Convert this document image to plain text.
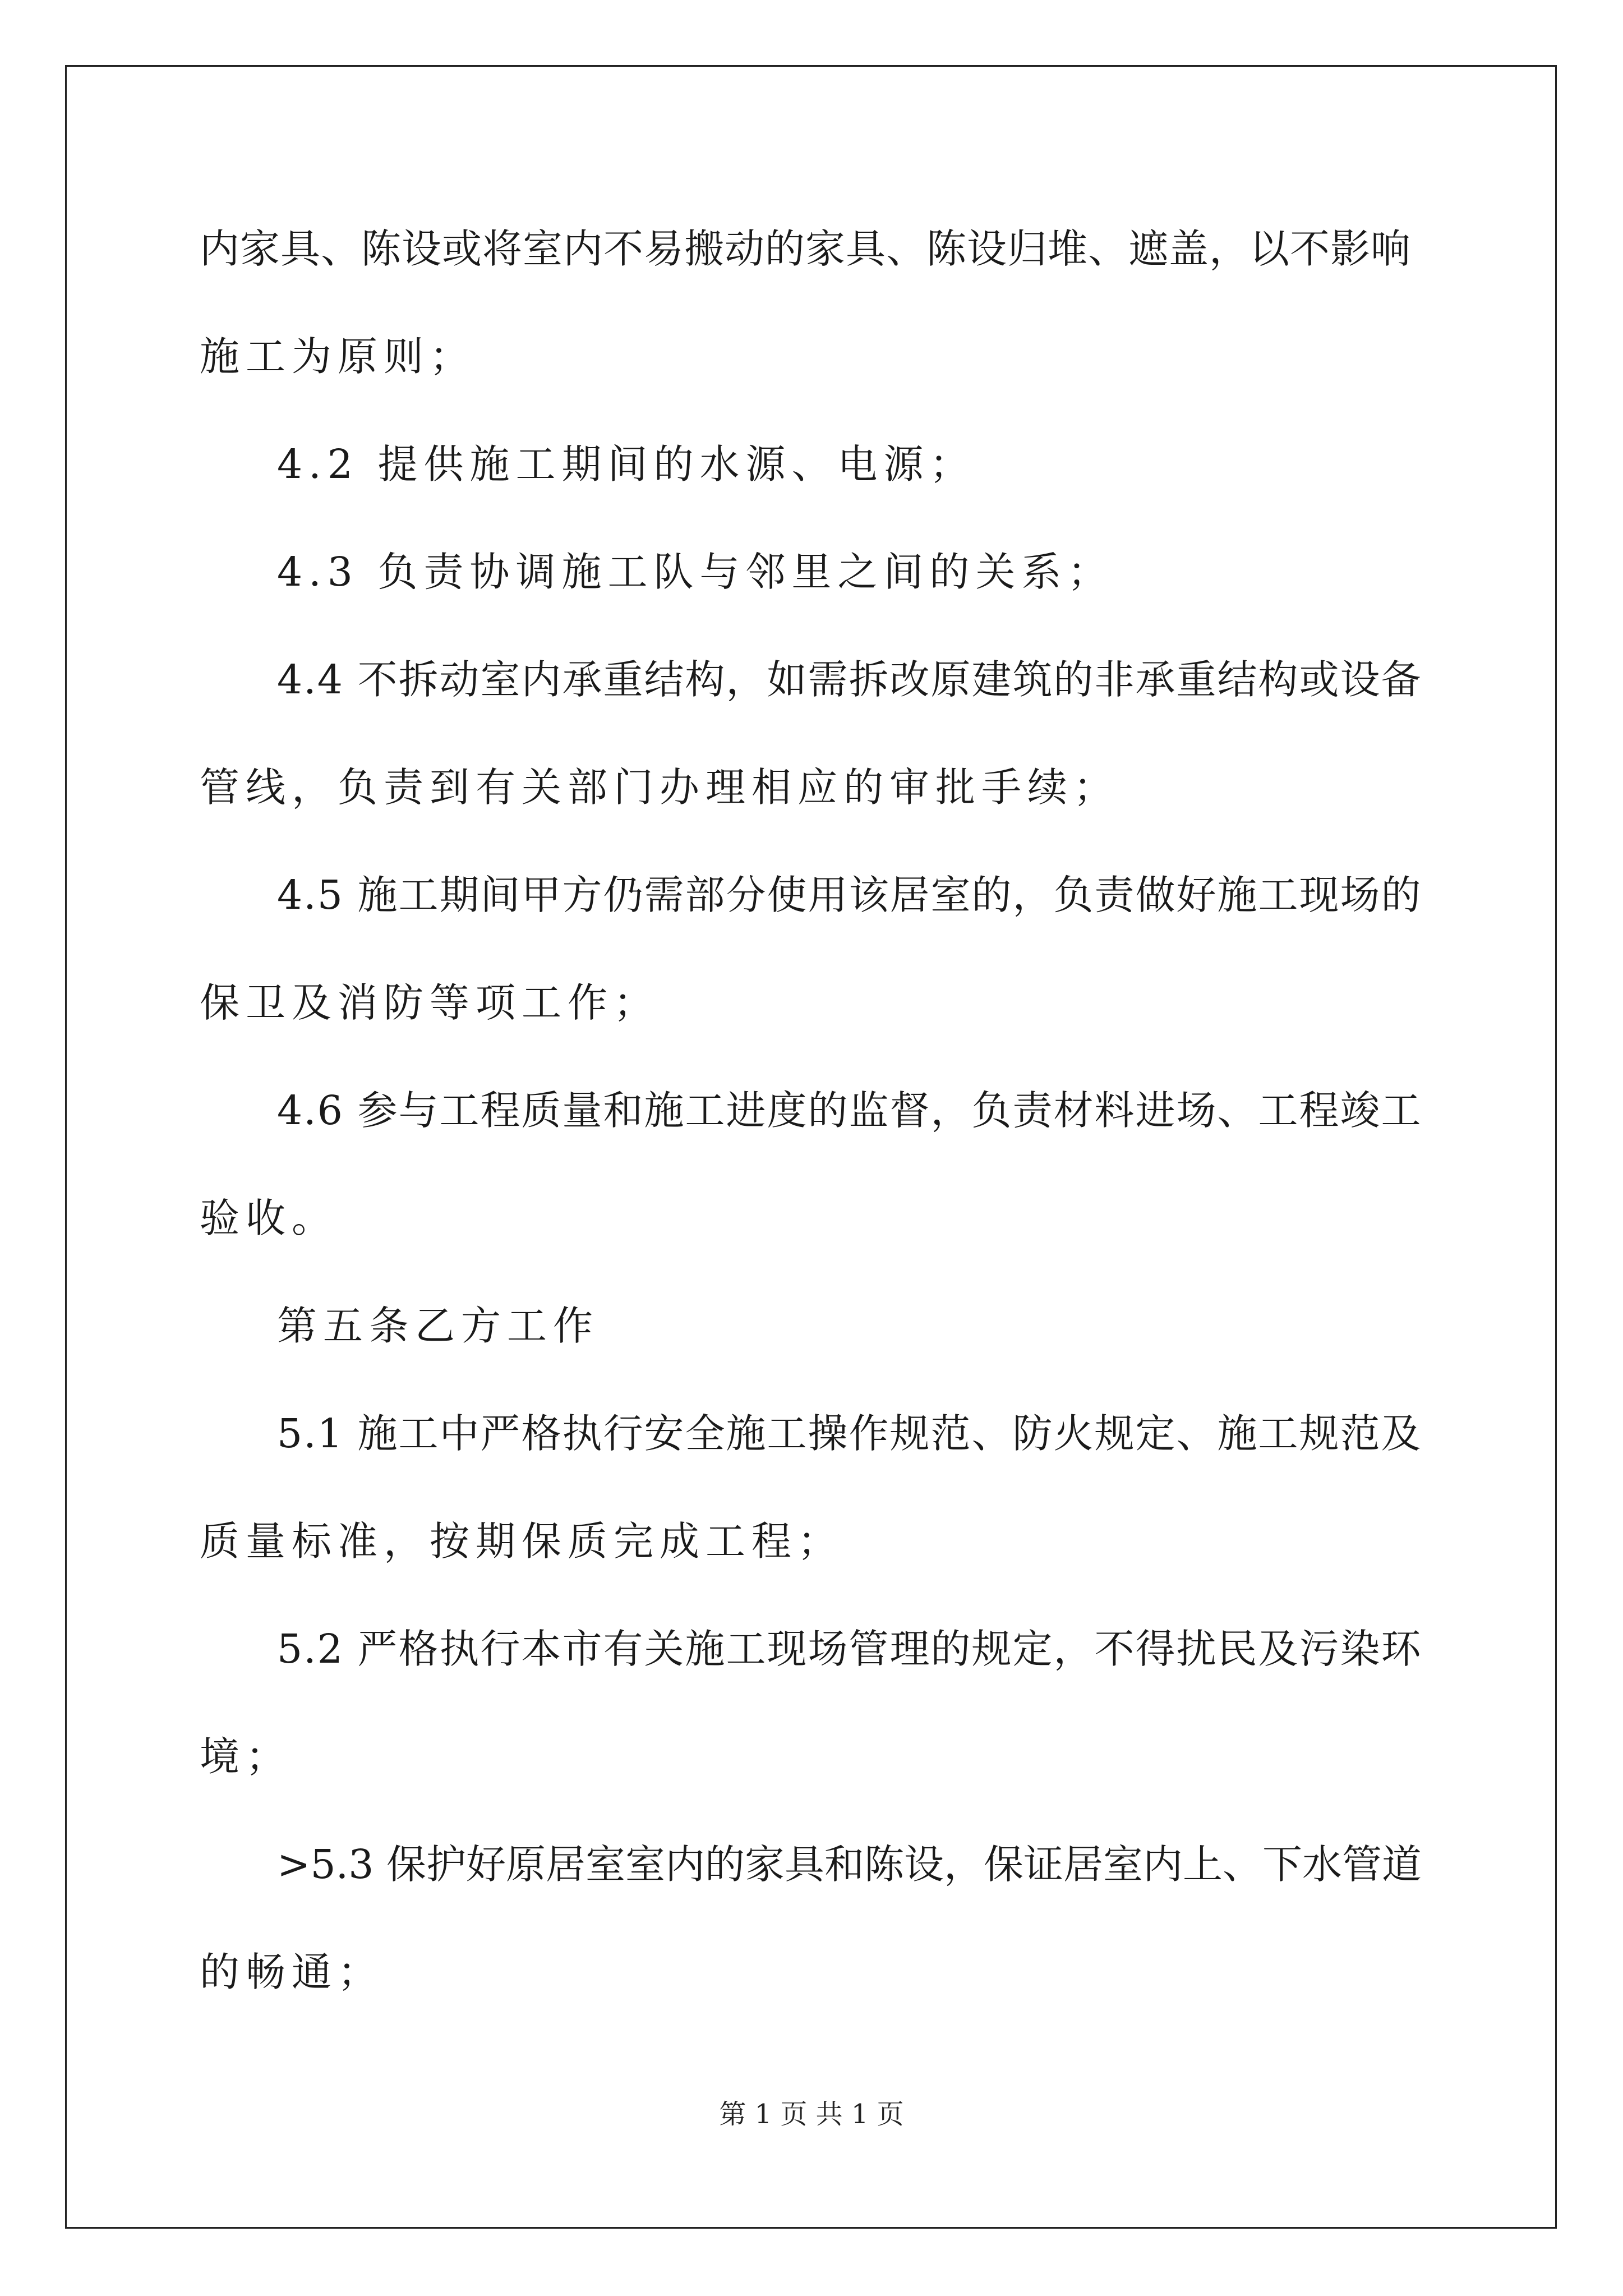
内家具、陈设或将室内不易搬动的家具、陈设归堆、遮盖，以不影响
施工为原则；
4.2 提供施工期间的水源、电源；
4.3 负责协调施工队与邻里之间的关系；
4.4 不拆动室内承重结构，如需拆改原建筑的非承重结构或设备
管线，负责到有关部门办理相应的审批手续；
4.5 施工期间甲方仍需部分使用该居室的，负责做好施工现场的
保卫及消防等项工作；
4.6 参与工程质量和施工进度的监督，负责材料进场、工程竣工
验收。
第五条乙方工作
5.1 施工中严格执行安全施工操作规范、防火规定、施工规范及
质量标准，按期保质完成工程；
5.2 严格执行本市有关施工现场管理的规定，不得扰民及污染环
境；
>5.3 保护好原居室室内的家具和陈设，保证居室内上、下水管道
的畅通；
第 1 页 共 1 页
